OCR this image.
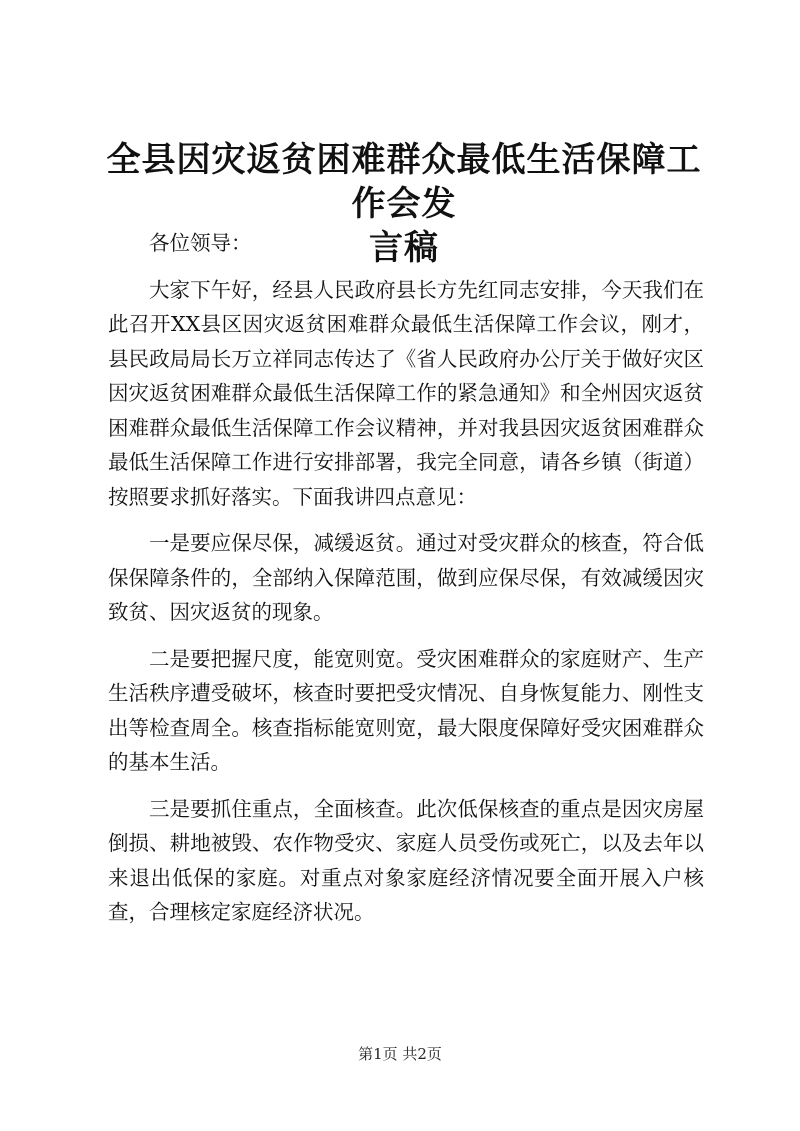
全县因灾返贫困难群众最低生活保障工作会发
言稿

各位领导：

大家下午好，经县人民政府县长方先红同志安排，今天我们在此召开XX县区因灾返贫困难群众最低生活保障工作会议，刚才，县民政局局长万立祥同志传达了《省人民政府办公厅关于做好灾区因灾返贫困难群众最低生活保障工作的紧急通知》和全州因灾返贫困难群众最低生活保障工作会议精神，并对我县因灾返贫困难群众最低生活保障工作进行安排部署，我完全同意，请各乡镇（街道）按照要求抓好落实。下面我讲四点意见：

一是要应保尽保，减缓返贫。通过对受灾群众的核查，符合低保保障条件的，全部纳入保障范围，做到应保尽保，有效减缓因灾致贫、因灾返贫的现象。

二是要把握尺度，能宽则宽。受灾困难群众的家庭财产、生产生活秩序遭受破坏，核查时要把受灾情况、自身恢复能力、刚性支出等检查周全。核查指标能宽则宽，最大限度保障好受灾困难群众的基本生活。

三是要抓住重点，全面核查。此次低保核查的重点是因灾房屋倒损、耕地被毁、农作物受灾、家庭人员受伤或死亡，以及去年以来退出低保的家庭。对重点对象家庭经济情况要全面开展入户核查，合理核定家庭经济状况。

第1页 共2页
